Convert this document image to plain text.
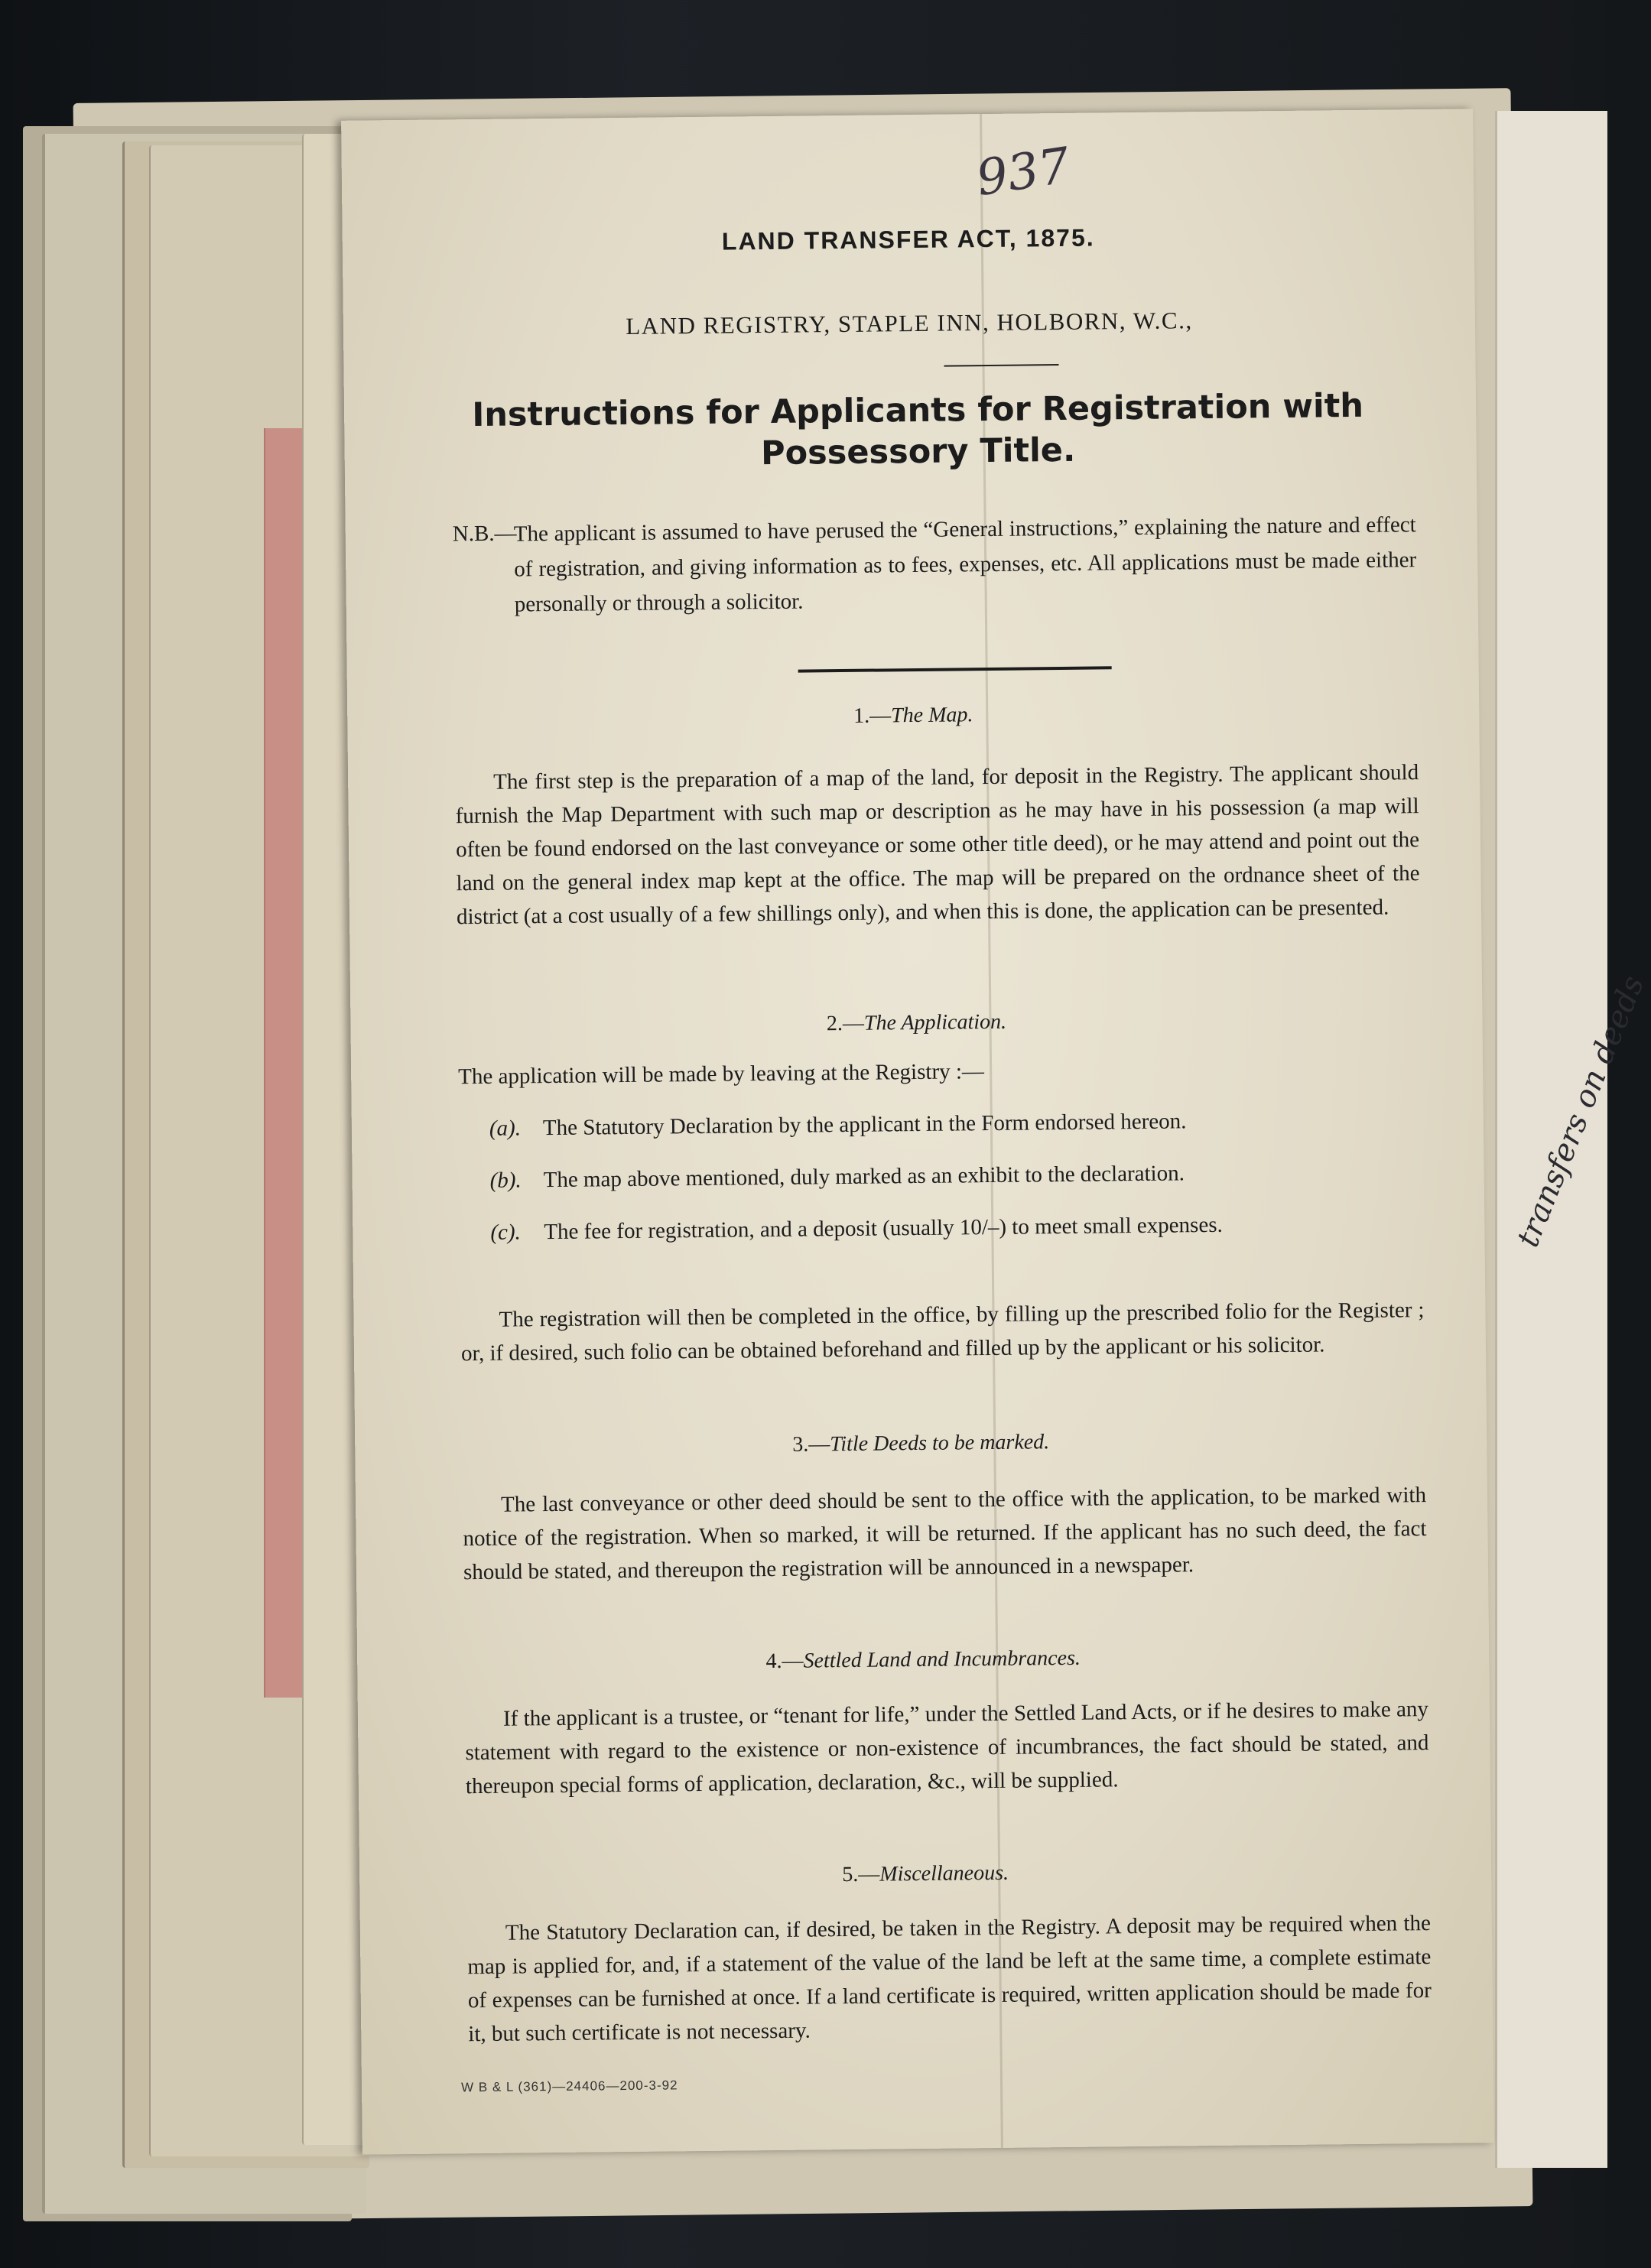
transfers on deeds
937
LAND TRANSFER ACT, 1875.
LAND REGISTRY, STAPLE INN, HOLBORN, W.C.,
Instructions for Applicants for Registration with
Possessory Title.
N.B.—
The applicant is assumed to have perused the “General instructions,” explaining the nature and effect of registration, and giving information as to fees, expenses, etc. All applications must be made either personally or through a solicitor.
1.—The Map.
The first step is the preparation of a map of the land, for deposit in the Registry. The applicant should furnish the Map Department with such map or description as he may have in his possession (a map will often be found endorsed on the last conveyance or some other title deed), or he may attend and point out the land on the general index map kept at the office. The map will be prepared on the ordnance sheet of the district (at a cost usually of a few shillings only), and when this is done, the application can be presented.
2.—The Application.
The application will be made by leaving at the Registry :—
(a). The Statutory Declaration by the applicant in the Form endorsed hereon.
(b). The map above mentioned, duly marked as an exhibit to the declaration.
(c). The fee for registration, and a deposit (usually 10/–) to meet small expenses.
The registration will then be completed in the office, by filling up the prescribed folio for the Register ; or, if desired, such folio can be obtained beforehand and filled up by the applicant or his solicitor.
3.—Title Deeds to be marked.
The last conveyance or other deed should be sent to the office with the application, to be marked with notice of the registration. When so marked, it will be returned. If the applicant has no such deed, the fact should be stated, and thereupon the registration will be announced in a newspaper.
4.—Settled Land and Incumbrances.
If the applicant is a trustee, or “tenant for life,” under the Settled Land Acts, or if he desires to make any statement with regard to the existence or non-existence of incumbrances, the fact should be stated, and thereupon special forms of application, declaration, &c., will be supplied.
5.—Miscellaneous.
The Statutory Declaration can, if desired, be taken in the Registry. A deposit may be required when the map is applied for, and, if a statement of the value of the land be left at the same time, a complete estimate of expenses can be furnished at once. If a land certificate is required, written application should be made for it, but such certificate is not necessary.
W B & L (361)—24406—200-3-92
